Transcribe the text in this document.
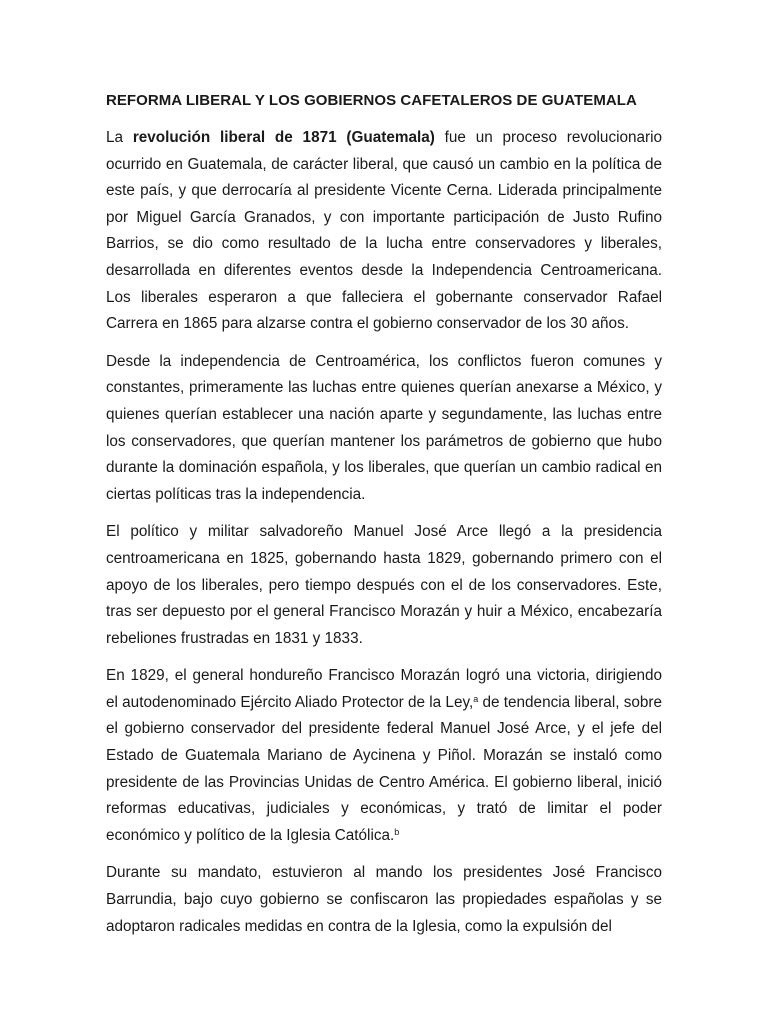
REFORMA LIBERAL Y LOS GOBIERNOS CAFETALEROS DE GUATEMALA

La revolución liberal de 1871 (Guatemala) fue un proceso revolucionario ocurrido en Guatemala, de carácter liberal, que causó un cambio en la política de este país, y que derrocaría al presidente Vicente Cerna. Liderada principalmente por Miguel García Granados, y con importante participación de Justo Rufino Barrios, se dio como resultado de la lucha entre conservadores y liberales, desarrollada en diferentes eventos desde la Independencia Centroamericana. Los liberales esperaron a que falleciera el gobernante conservador Rafael Carrera en 1865 para alzarse contra el gobierno conservador de los 30 años.

Desde la independencia de Centroamérica, los conflictos fueron comunes y constantes, primeramente las luchas entre quienes querían anexarse a México, y quienes querían establecer una nación aparte y segundamente, las luchas entre los conservadores, que querían mantener los parámetros de gobierno que hubo durante la dominación española, y los liberales, que querían un cambio radical en ciertas políticas tras la independencia.

El político y militar salvadoreño Manuel José Arce llegó a la presidencia centroamericana en 1825, gobernando hasta 1829, gobernando primero con el apoyo de los liberales, pero tiempo después con el de los conservadores. Este, tras ser depuesto por el general Francisco Morazán y huir a México, encabezaría rebeliones frustradas en 1831 y 1833.

En 1829, el general hondureño Francisco Morazán logró una victoria, dirigiendo el autodenominado Ejército Aliado Protector de la Ley,$^a$ de tendencia liberal, sobre el gobierno conservador del presidente federal Manuel José Arce, y el jefe del Estado de Guatemala Mariano de Aycinena y Piñol. Morazán se instaló como presidente de las Provincias Unidas de Centro América. El gobierno liberal, inició reformas educativas, judiciales y económicas, y trató de limitar el poder económico y político de la Iglesia Católica.$^b$

Durante su mandato, estuvieron al mando los presidentes José Francisco Barrundia, bajo cuyo gobierno se confiscaron las propiedades españolas y se adoptaron radicales medidas en contra de la Iglesia, como la expulsión del
